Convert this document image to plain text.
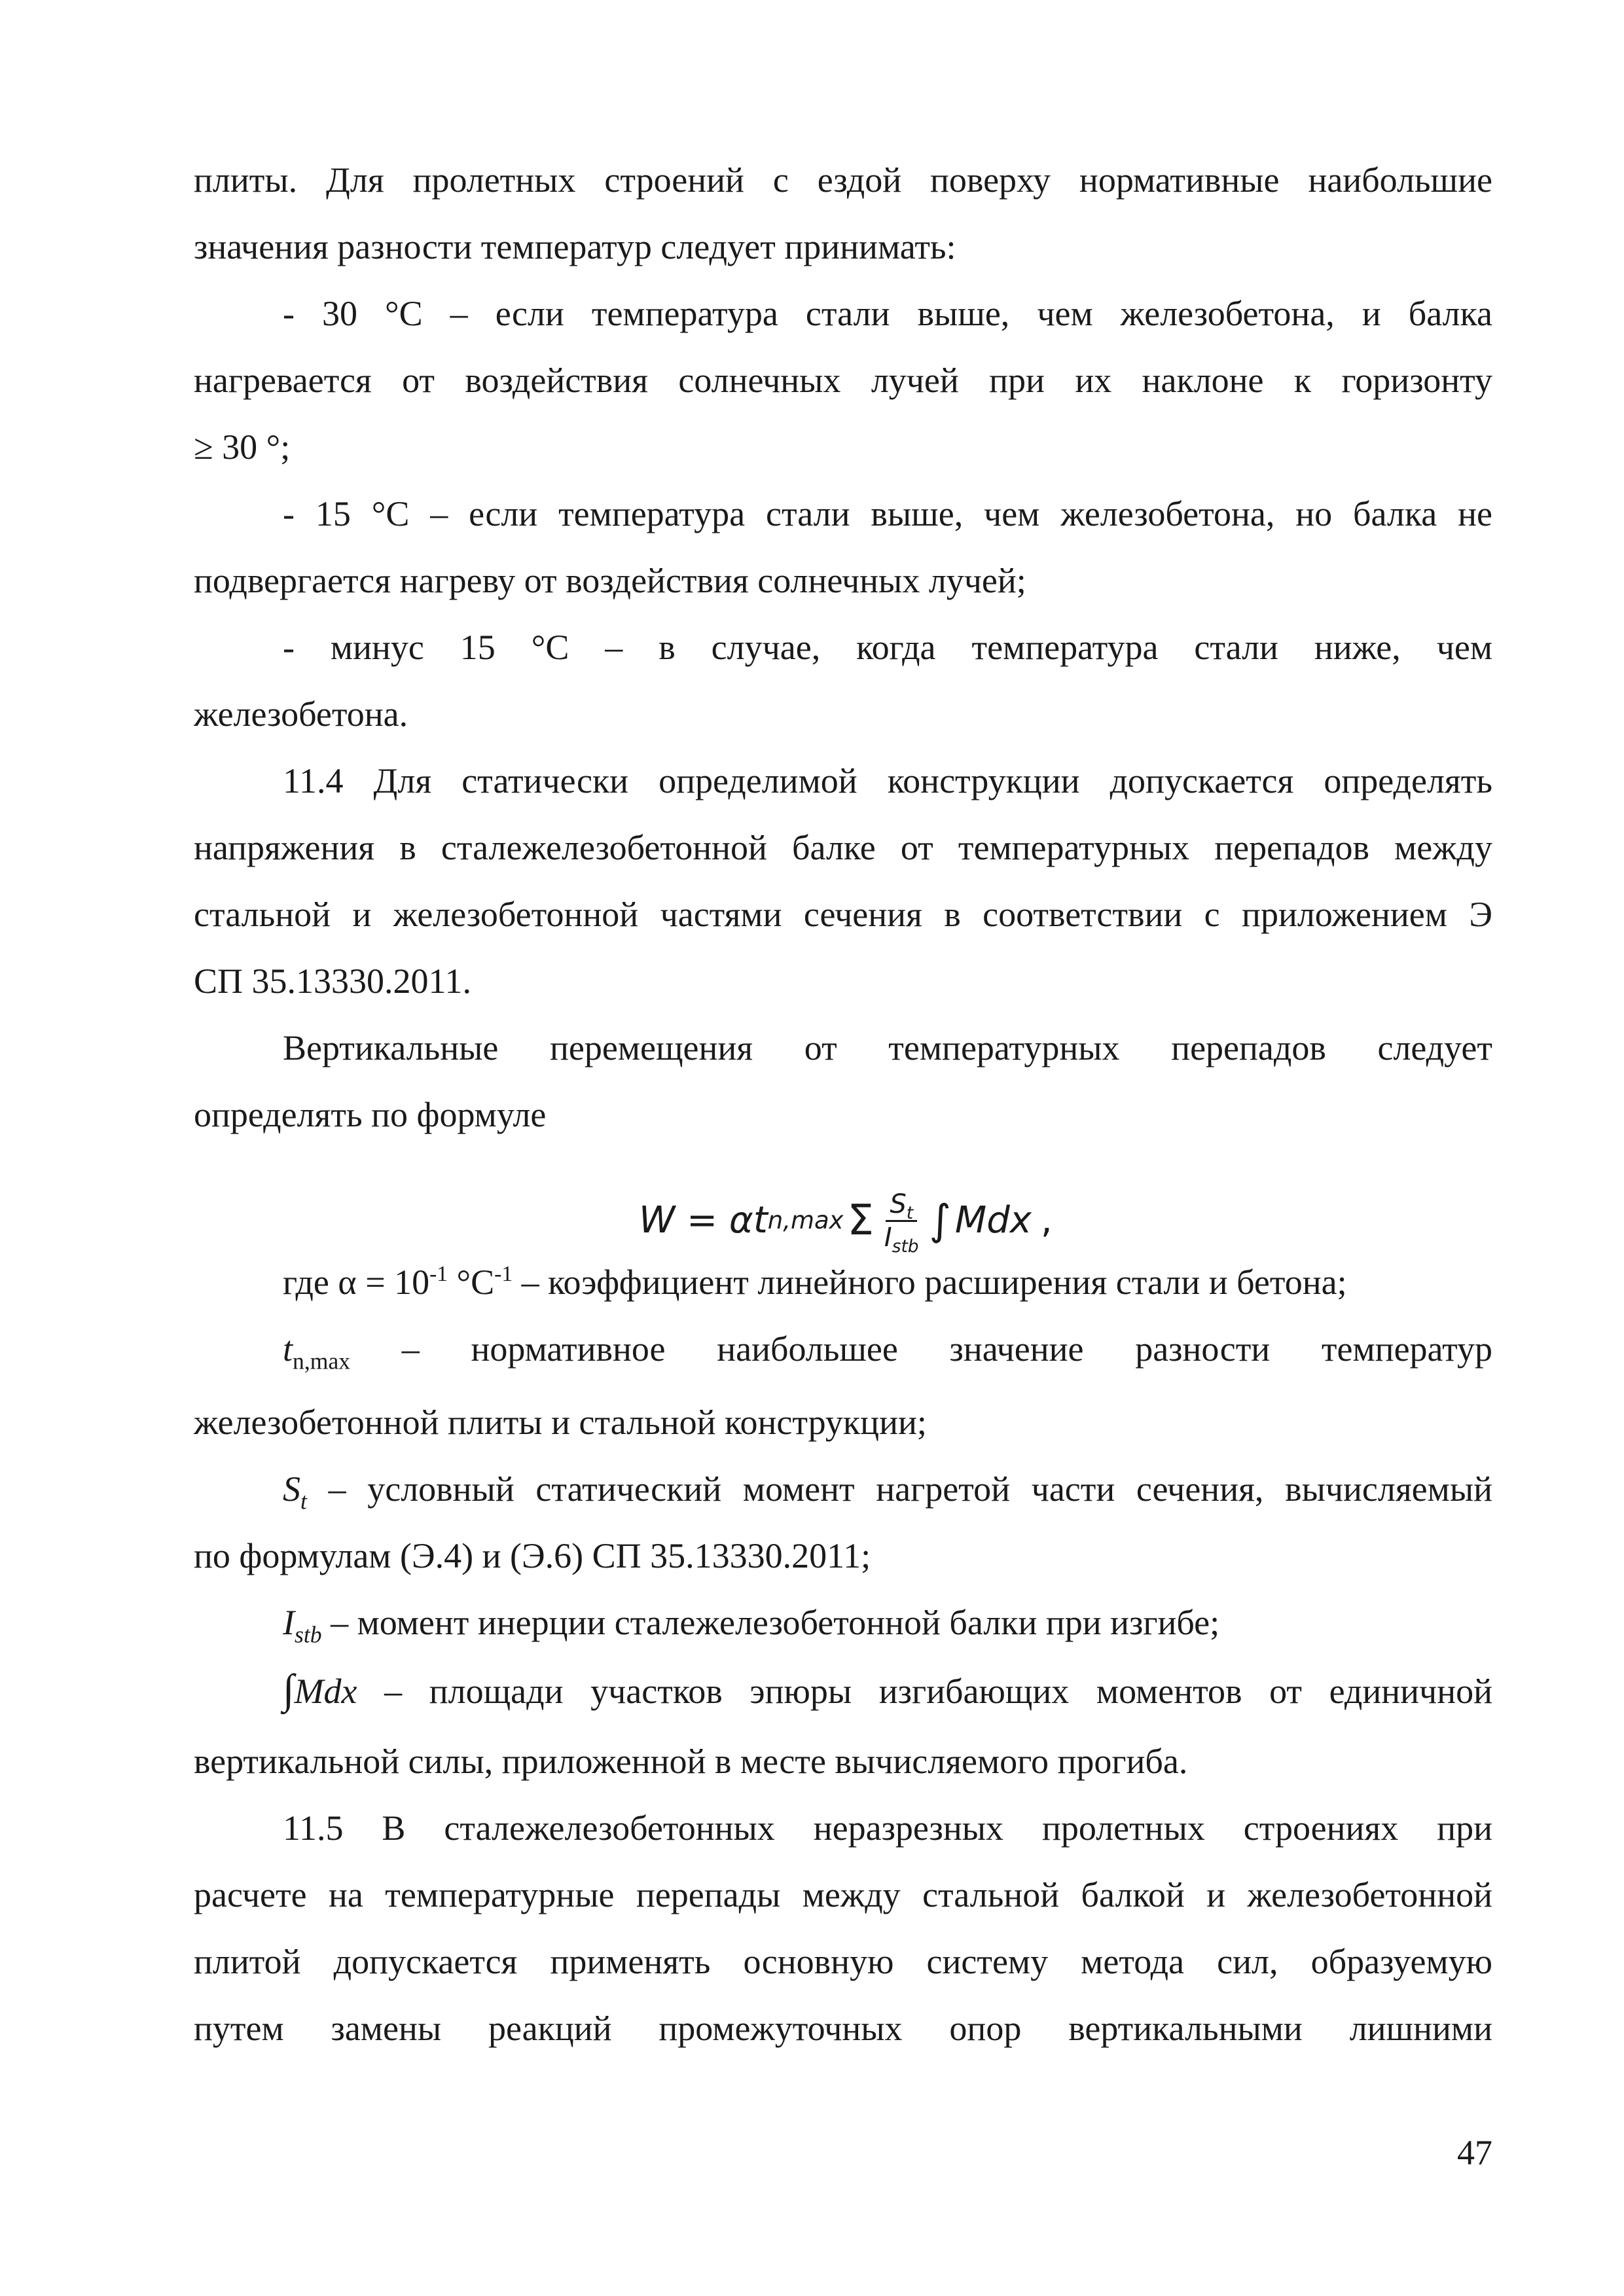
плиты. Для пролетных строений с ездой поверху нормативные наибольшие
значения разности температур следует принимать:
- 30 °С – если температура стали выше, чем железобетона, и балка
нагревается от воздействия солнечных лучей при их наклоне к горизонту
≥ 30 °;
- 15 °С – если температура стали выше, чем железобетона, но балка не
подвергается нагреву от воздействия солнечных лучей;
- минус 15 °С – в случае, когда температура стали ниже, чем
железобетона.
11.4 Для статически определимой конструкции допускается определять
напряжения в сталежелезобетонной балке от температурных перепадов между
стальной и железобетонной частями сечения в соответствии с приложением Э
СП 35.13330.2011.
Вертикальные перемещения от температурных перепадов следует
определять по формуле
W = α t n,max Σ $\frac{S_t}{I_{stb}}$ ∫ Mdx ,
где $\alpha = 10^{-1}$ $^\circ С^{-1}$ – коэффициент линейного расширения стали и бетона;
$t_{n,max}$ – нормативное наибольшее значение разности температур
железобетонной плиты и стальной конструкции;
$S_t$ – условный статический момент нагретой части сечения, вычисляемый
по формулам (Э.4) и (Э.6) СП 35.13330.2011;
$I_{stb}$ – момент инерции сталежелезобетонной балки при изгибе;
∫Mdx – площади участков эпюры изгибающих моментов от единичной
вертикальной силы, приложенной в месте вычисляемого прогиба.
11.5 В сталежелезобетонных неразрезных пролетных строениях при
расчете на температурные перепады между стальной балкой и железобетонной
плитой допускается применять основную систему метода сил, образуемую
путем замены реакций промежуточных опор вертикальными лишними
47
